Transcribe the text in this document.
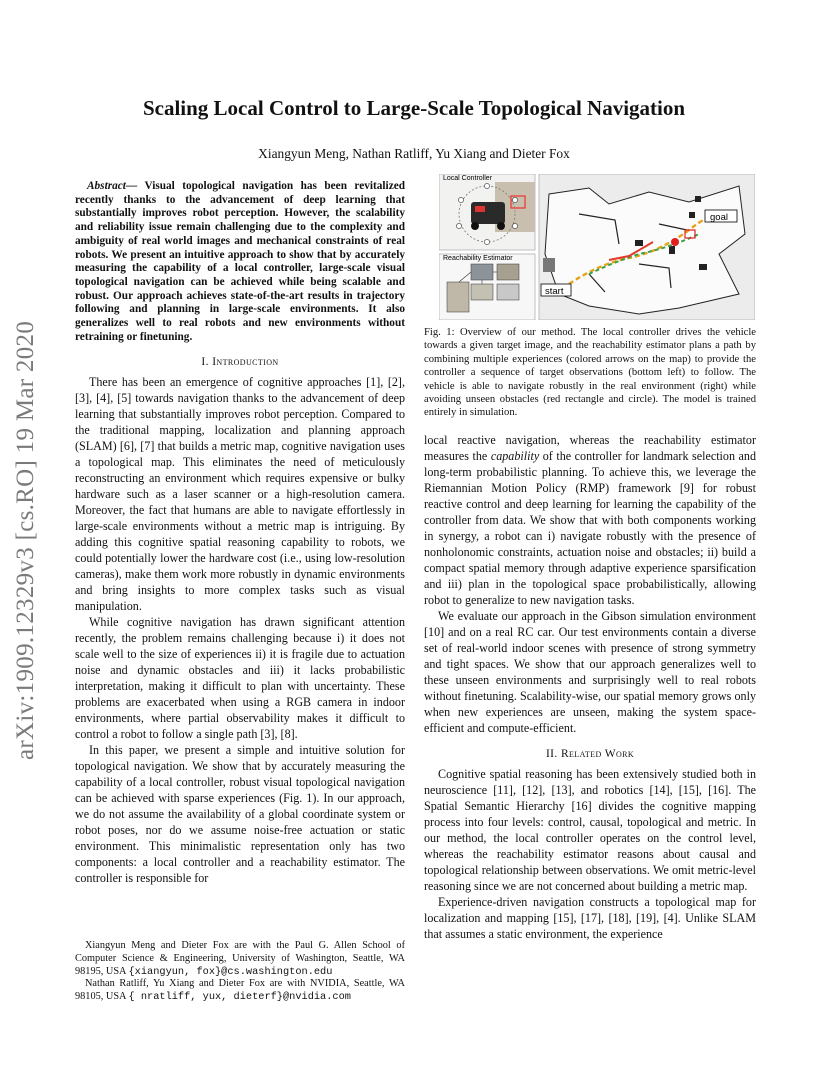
arXiv:1909.12329v3 [cs.RO] 19 Mar 2020
Scaling Local Control to Large-Scale Topological Navigation
Xiangyun Meng, Nathan Ratliff, Yu Xiang and Dieter Fox
Abstract— Visual topological navigation has been revitalized recently thanks to the advancement of deep learning that substantially improves robot perception. However, the scalability and reliability issue remain challenging due to the complexity and ambiguity of real world images and mechanical constraints of real robots. We present an intuitive approach to show that by accurately measuring the capability of a local controller, large-scale visual topological navigation can be achieved while being scalable and robust. Our approach achieves state-of-the-art results in trajectory following and planning in large-scale environments. It also generalizes well to real robots and new environments without retraining or finetuning.
I. Introduction

There has been an emergence of cognitive approaches [1], [2], [3], [4], [5] towards navigation thanks to the advancement of deep learning that substantially improves robot perception. Compared to the traditional mapping, localization and planning approach (SLAM) [6], [7] that builds a metric map, cognitive navigation uses a topological map. This eliminates the need of meticulously reconstructing an environment which requires expensive or bulky hardware such as a laser scanner or a high-resolution camera. Moreover, the fact that humans are able to navigate effortlessly in large-scale environments without a metric map is intriguing. By adding this cognitive spatial reasoning capability to robots, we could potentially lower the hardware cost (i.e., using low-resolution cameras), make them work more robustly in dynamic environments and bring insights to more complex tasks such as visual manipulation.

While cognitive navigation has drawn significant attention recently, the problem remains challenging because i) it does not scale well to the size of experiences ii) it is fragile due to actuation noise and dynamic obstacles and iii) it lacks probabilistic interpretation, making it difficult to plan with uncertainty. These problems are exacerbated when using a RGB camera in indoor environments, where partial observability makes it difficult to control a robot to follow a single path [3], [8].

In this paper, we present a simple and intuitive solution for topological navigation. We show that by accurately measuring the capability of a local controller, robust visual topological navigation can be achieved with sparse experiences (Fig. 1). In our approach, we do not assume the availability of a global coordinate system or robot poses, nor do we assume noise-free actuation or static environment. This minimalistic representation only has two components: a local controller and a reachability estimator. The controller is responsible for

Xiangyun Meng and Dieter Fox are with the Paul G. Allen School of Computer Science & Engineering, University of Washington, Seattle, WA 98195, USA {xiangyun, fox}@cs.washington.edu

Nathan Ratliff, Yu Xiang and Dieter Fox are with NVIDIA, Seattle, WA 98105, USA { nratliff, yux, dieterf}@nvidia.com

Local Controller
Reachability Estimator
goal
start
Fig. 1: Overview of our method. The local controller drives the vehicle towards a given target image, and the reachability estimator plans a path by combining multiple experiences (colored arrows on the map) to provide the controller a sequence of target observations (bottom left) to follow. The vehicle is able to navigate robustly in the real environment (right) while avoiding unseen obstacles (red rectangle and circle). The model is trained entirely in simulation.

local reactive navigation, whereas the reachability estimator measures the capability of the controller for landmark selection and long-term probabilistic planning. To achieve this, we leverage the Riemannian Motion Policy (RMP) framework [9] for robust reactive control and deep learning for learning the capability of the controller from data. We show that with both components working in synergy, a robot can i) navigate robustly with the presence of nonholonomic constraints, actuation noise and obstacles; ii) build a compact spatial memory through adaptive experience sparsification and iii) plan in the topological space probabilistically, allowing robot to generalize to new navigation tasks.

We evaluate our approach in the Gibson simulation environment [10] and on a real RC car. Our test environments contain a diverse set of real-world indoor scenes with presence of strong symmetry and tight spaces. We show that our approach generalizes well to these unseen environments and surprisingly well to real robots without finetuning. Scalability-wise, our spatial memory grows only when new experiences are unseen, making the system space-efficient and compute-efficient.

II. Related Work

Cognitive spatial reasoning has been extensively studied both in neuroscience [11], [12], [13], and robotics [14], [15], [16]. The Spatial Semantic Hierarchy [16] divides the cognitive mapping process into four levels: control, causal, topological and metric. In our method, the local controller operates on the control level, whereas the reachability estimator reasons about causal and topological relationship between observations. We omit metric-level reasoning since we are not concerned about building a metric map.

Experience-driven navigation constructs a topological map for localization and mapping [15], [17], [18], [19], [4]. Unlike SLAM that assumes a static environment, the experience
